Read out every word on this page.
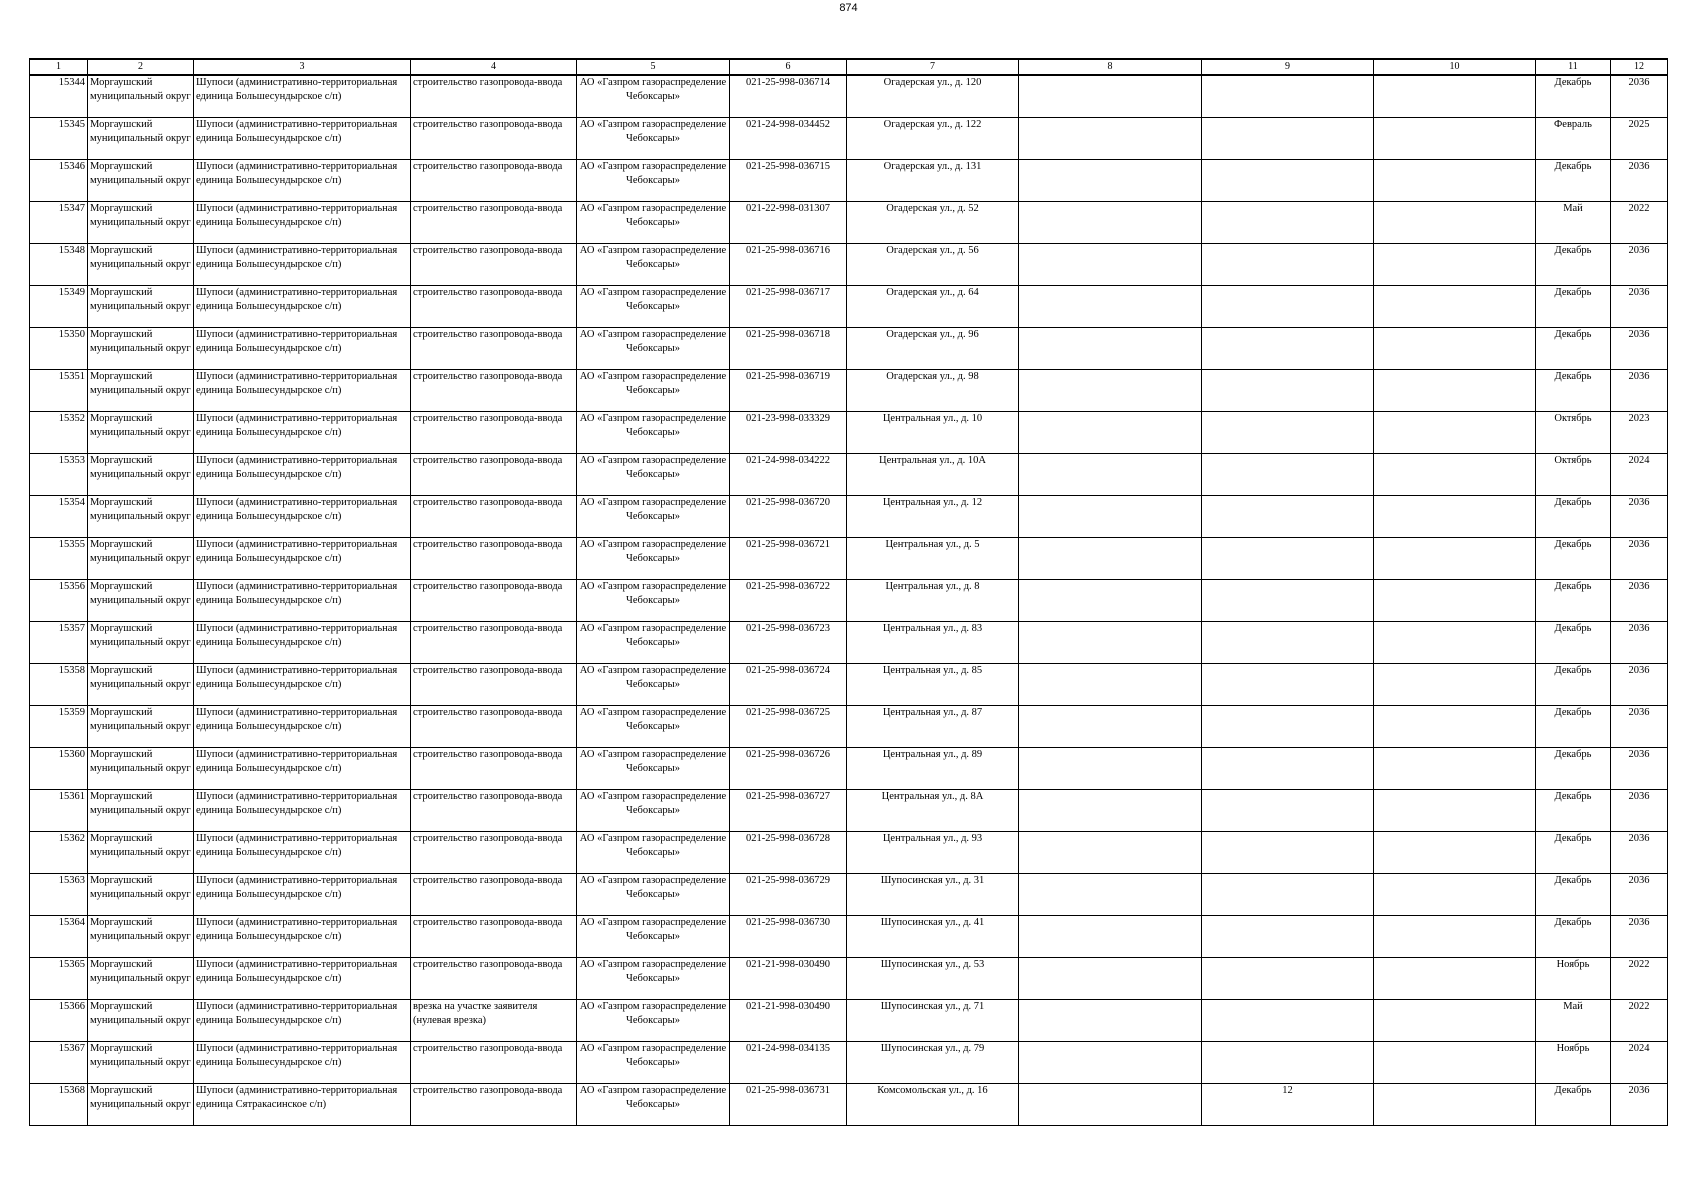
874
1	2	3	4	5	6	7	8	9	10	11	12

15344	Моргаушский муниципальный округ	Шупоси (административно-территориальная единица Большесундырское с/п)	строительство газопровода-ввода	АО «Газпром газораспределение Чебоксары»	021-25-998-036714	Огадерская ул., д. 120				Декабрь	2036

15345	Моргаушский муниципальный округ	Шупоси (административно-территориальная единица Большесундырское с/п)	строительство газопровода-ввода	АО «Газпром газораспределение Чебоксары»	021-24-998-034452	Огадерская ул., д. 122				Февраль	2025

15346	Моргаушский муниципальный округ	Шупоси (административно-территориальная единица Большесундырское с/п)	строительство газопровода-ввода	АО «Газпром газораспределение Чебоксары»	021-25-998-036715	Огадерская ул., д. 131				Декабрь	2036

15347	Моргаушский муниципальный округ	Шупоси (административно-территориальная единица Большесундырское с/п)	строительство газопровода-ввода	АО «Газпром газораспределение Чебоксары»	021-22-998-031307	Огадерская ул., д. 52				Май	2022

15348	Моргаушский муниципальный округ	Шупоси (административно-территориальная единица Большесундырское с/п)	строительство газопровода-ввода	АО «Газпром газораспределение Чебоксары»	021-25-998-036716	Огадерская ул., д. 56				Декабрь	2036

15349	Моргаушский муниципальный округ	Шупоси (административно-территориальная единица Большесундырское с/п)	строительство газопровода-ввода	АО «Газпром газораспределение Чебоксары»	021-25-998-036717	Огадерская ул., д. 64				Декабрь	2036

15350	Моргаушский муниципальный округ	Шупоси (административно-территориальная единица Большесундырское с/п)	строительство газопровода-ввода	АО «Газпром газораспределение Чебоксары»	021-25-998-036718	Огадерская ул., д. 96				Декабрь	2036

15351	Моргаушский муниципальный округ	Шупоси (административно-территориальная единица Большесундырское с/п)	строительство газопровода-ввода	АО «Газпром газораспределение Чебоксары»	021-25-998-036719	Огадерская ул., д. 98				Декабрь	2036

15352	Моргаушский муниципальный округ	Шупоси (административно-территориальная единица Большесундырское с/п)	строительство газопровода-ввода	АО «Газпром газораспределение Чебоксары»	021-23-998-033329	Центральная ул., д. 10				Октябрь	2023

15353	Моргаушский муниципальный округ	Шупоси (административно-территориальная единица Большесундырское с/п)	строительство газопровода-ввода	АО «Газпром газораспределение Чебоксары»	021-24-998-034222	Центральная ул., д. 10А				Октябрь	2024

15354	Моргаушский муниципальный округ	Шупоси (административно-территориальная единица Большесундырское с/п)	строительство газопровода-ввода	АО «Газпром газораспределение Чебоксары»	021-25-998-036720	Центральная ул., д. 12				Декабрь	2036

15355	Моргаушский муниципальный округ	Шупоси (административно-территориальная единица Большесундырское с/п)	строительство газопровода-ввода	АО «Газпром газораспределение Чебоксары»	021-25-998-036721	Центральная ул., д. 5				Декабрь	2036

15356	Моргаушский муниципальный округ	Шупоси (административно-территориальная единица Большесундырское с/п)	строительство газопровода-ввода	АО «Газпром газораспределение Чебоксары»	021-25-998-036722	Центральная ул., д. 8				Декабрь	2036

15357	Моргаушский муниципальный округ	Шупоси (административно-территориальная единица Большесундырское с/п)	строительство газопровода-ввода	АО «Газпром газораспределение Чебоксары»	021-25-998-036723	Центральная ул., д. 83				Декабрь	2036

15358	Моргаушский муниципальный округ	Шупоси (административно-территориальная единица Большесундырское с/п)	строительство газопровода-ввода	АО «Газпром газораспределение Чебоксары»	021-25-998-036724	Центральная ул., д. 85				Декабрь	2036

15359	Моргаушский муниципальный округ	Шупоси (административно-территориальная единица Большесундырское с/п)	строительство газопровода-ввода	АО «Газпром газораспределение Чебоксары»	021-25-998-036725	Центральная ул., д. 87				Декабрь	2036

15360	Моргаушский муниципальный округ	Шупоси (административно-территориальная единица Большесундырское с/п)	строительство газопровода-ввода	АО «Газпром газораспределение Чебоксары»	021-25-998-036726	Центральная ул., д. 89				Декабрь	2036

15361	Моргаушский муниципальный округ	Шупоси (административно-территориальная единица Большесундырское с/п)	строительство газопровода-ввода	АО «Газпром газораспределение Чебоксары»	021-25-998-036727	Центральная ул., д. 8А				Декабрь	2036

15362	Моргаушский муниципальный округ	Шупоси (административно-территориальная единица Большесундырское с/п)	строительство газопровода-ввода	АО «Газпром газораспределение Чебоксары»	021-25-998-036728	Центральная ул., д. 93				Декабрь	2036

15363	Моргаушский муниципальный округ	Шупоси (административно-территориальная единица Большесундырское с/п)	строительство газопровода-ввода	АО «Газпром газораспределение Чебоксары»	021-25-998-036729	Шупосинская ул., д. 31				Декабрь	2036

15364	Моргаушский муниципальный округ	Шупоси (административно-территориальная единица Большесундырское с/п)	строительство газопровода-ввода	АО «Газпром газораспределение Чебоксары»	021-25-998-036730	Шупосинская ул., д. 41				Декабрь	2036

15365	Моргаушский муниципальный округ	Шупоси (административно-территориальная единица Большесундырское с/п)	строительство газопровода-ввода	АО «Газпром газораспределение Чебоксары»	021-21-998-030490	Шупосинская ул., д. 53				Ноябрь	2022

15366	Моргаушский муниципальный округ	Шупоси (административно-территориальная единица Большесундырское с/п)	врезка на участке заявителя (нулевая врезка)	АО «Газпром газораспределение Чебоксары»	021-21-998-030490	Шупосинская ул., д. 71				Май	2022

15367	Моргаушский муниципальный округ	Шупоси (административно-территориальная единица Большесундырское с/п)	строительство газопровода-ввода	АО «Газпром газораспределение Чебоксары»	021-24-998-034135	Шупосинская ул., д. 79				Ноябрь	2024

15368	Моргаушский муниципальный округ	Шупоси (административно-территориальная единица Сятракасинское с/п)	строительство газопровода-ввода	АО «Газпром газораспределение Чебоксары»	021-25-998-036731	Комсомольская ул., д. 16		12		Декабрь	2036
